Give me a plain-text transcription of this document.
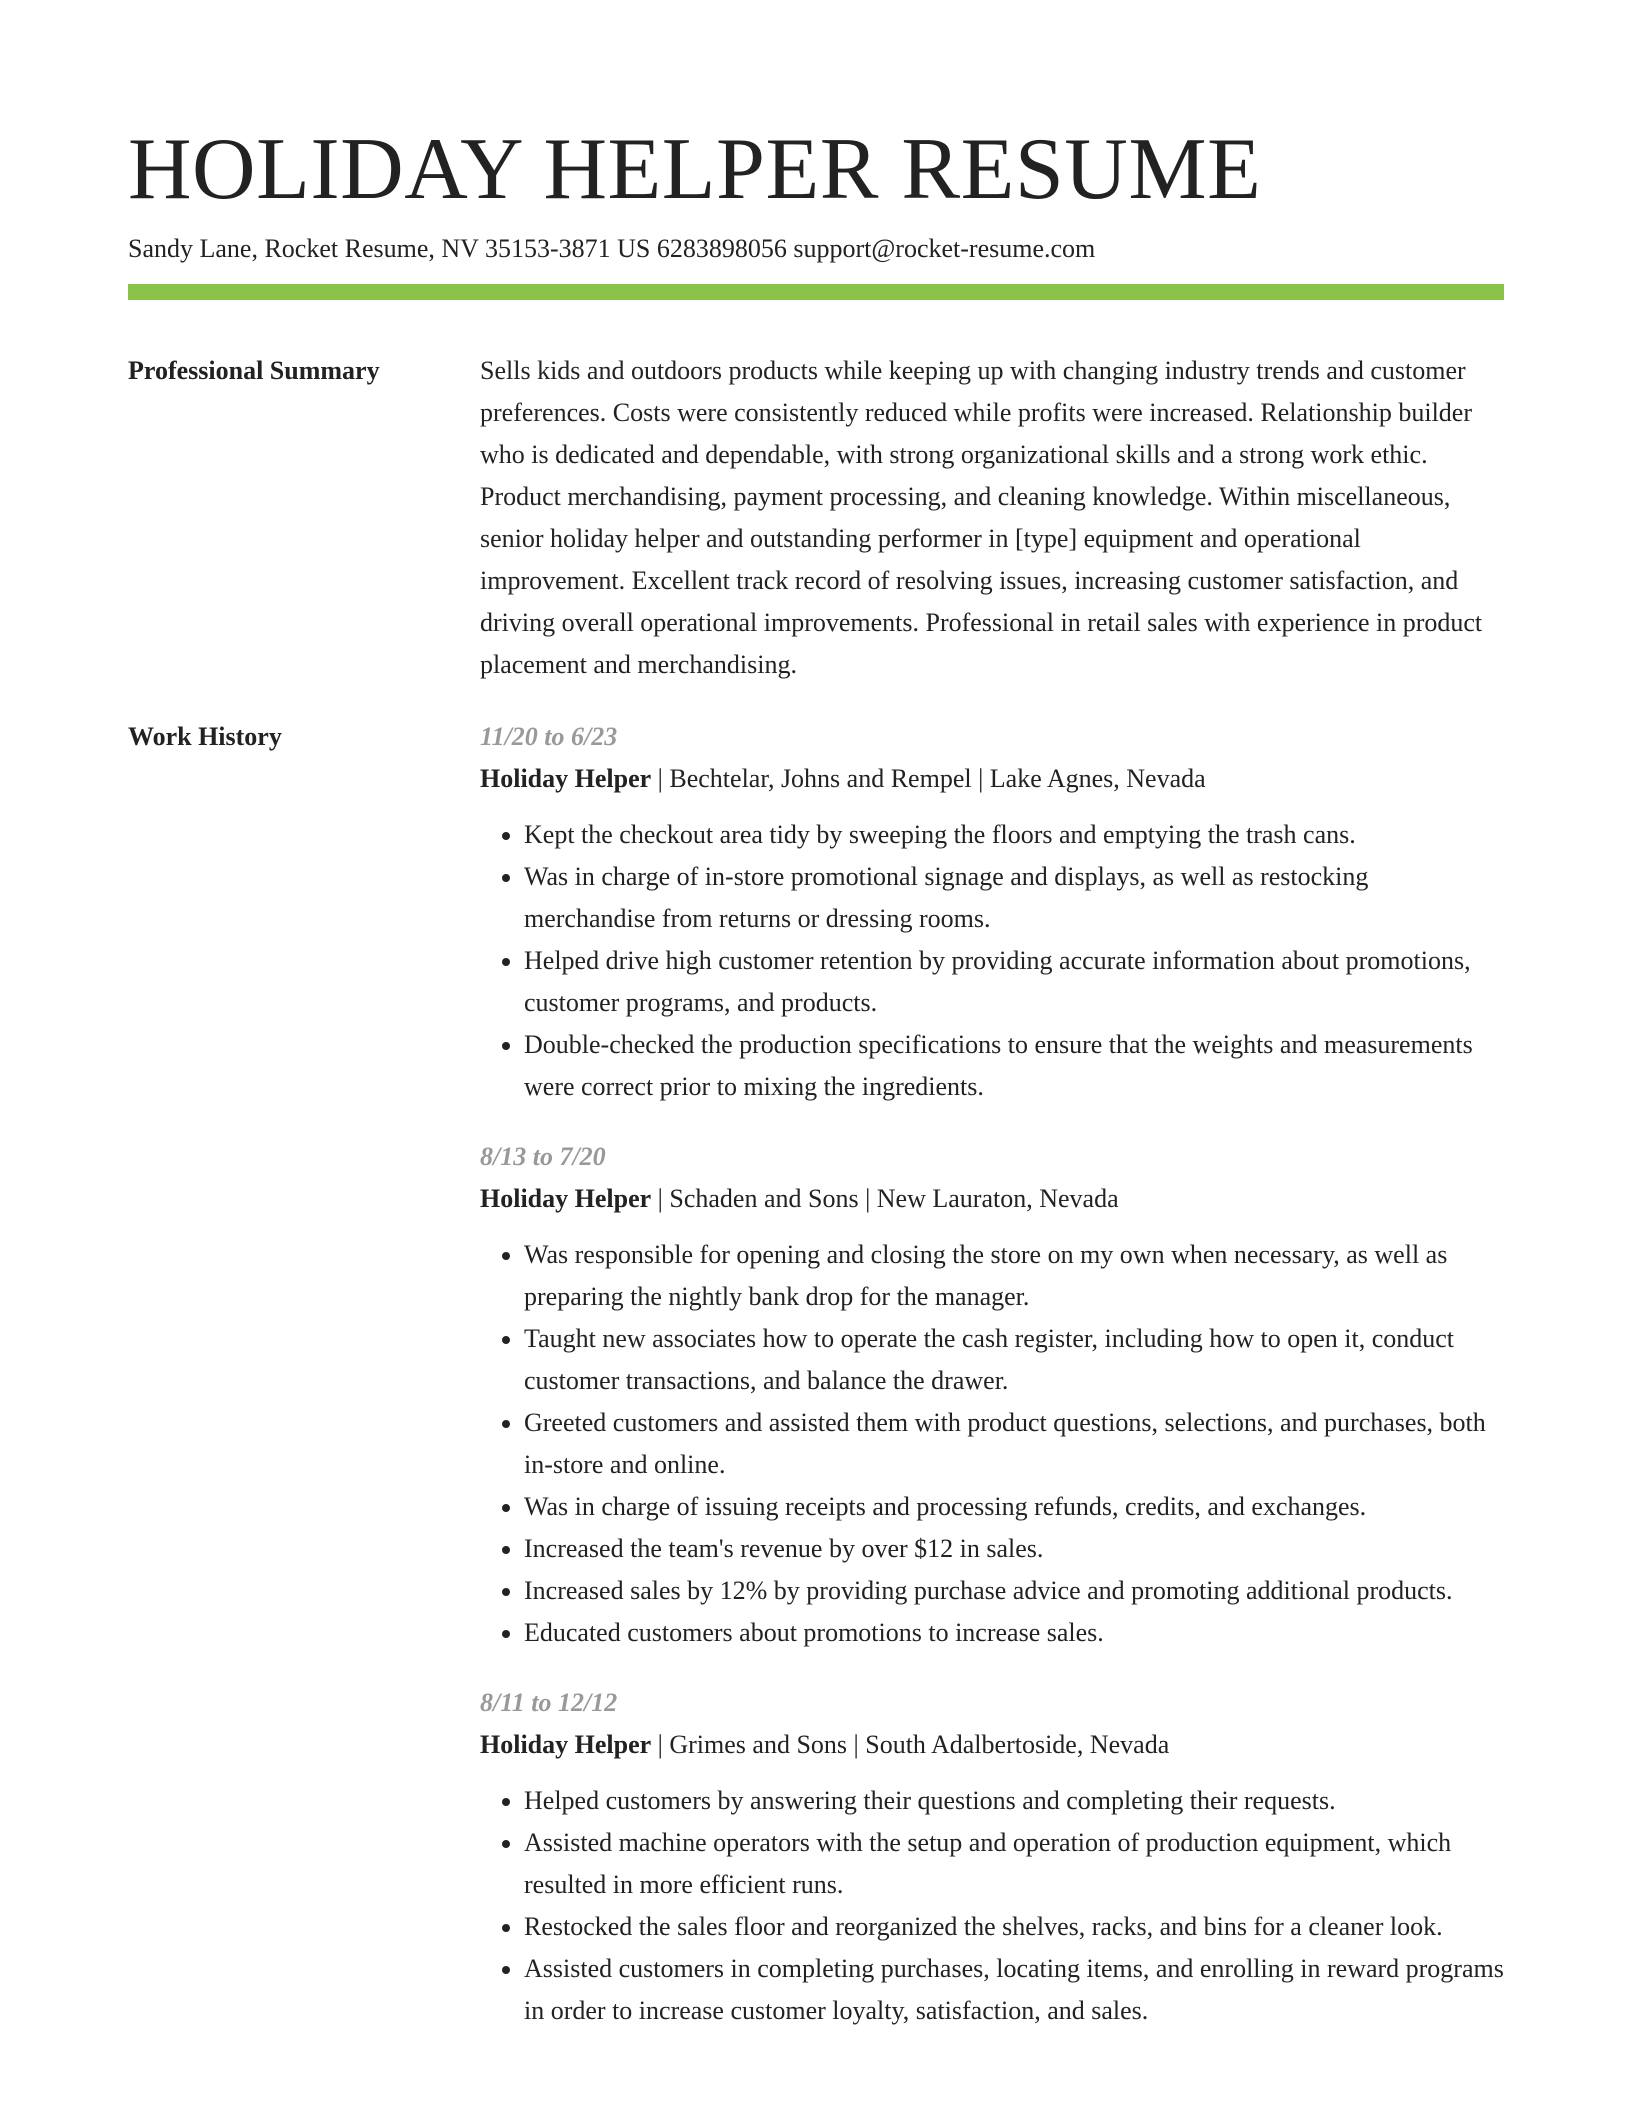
HOLIDAY HELPER RESUME
Sandy Lane, Rocket Resume, NV 35153-3871 US 6283898056 support@rocket-resume.com
Professional Summary	Sells kids and outdoors products while keeping up with changing industry trends and customer preferences. Costs were consistently reduced while profits were increased. Relationship builder who is dedicated and dependable, with strong organizational skills and a strong work ethic. Product merchandising, payment processing, and cleaning knowledge. Within miscellaneous, senior holiday helper and outstanding performer in [type] equipment and operational improvement. Excellent track record of resolving issues, increasing customer satisfaction, and driving overall operational improvements. Professional in retail sales with experience in product placement and merchandising.

Work History	11/20 to 6/23
Holiday Helper | Bechtelar, Johns and Rempel | Lake Agnes, Nevada
• Kept the checkout area tidy by sweeping the floors and emptying the trash cans.
• Was in charge of in-store promotional signage and displays, as well as restocking merchandise from returns or dressing rooms.
• Helped drive high customer retention by providing accurate information about promotions, customer programs, and products.
• Double-checked the production specifications to ensure that the weights and measurements were correct prior to mixing the ingredients.
8/13 to 7/20
Holiday Helper | Schaden and Sons | New Lauraton, Nevada
• Was responsible for opening and closing the store on my own when necessary, as well as preparing the nightly bank drop for the manager.
• Taught new associates how to operate the cash register, including how to open it, conduct customer transactions, and balance the drawer.
• Greeted customers and assisted them with product questions, selections, and purchases, both in-store and online.
• Was in charge of issuing receipts and processing refunds, credits, and exchanges.
• Increased the team's revenue by over $12 in sales.
• Increased sales by 12% by providing purchase advice and promoting additional products.
• Educated customers about promotions to increase sales.
8/11 to 12/12
Holiday Helper | Grimes and Sons | South Adalbertoside, Nevada
• Helped customers by answering their questions and completing their requests.
• Assisted machine operators with the setup and operation of production equipment, which resulted in more efficient runs.
• Restocked the sales floor and reorganized the shelves, racks, and bins for a cleaner look.
• Assisted customers in completing purchases, locating items, and enrolling in reward programs in order to increase customer loyalty, satisfaction, and sales.
